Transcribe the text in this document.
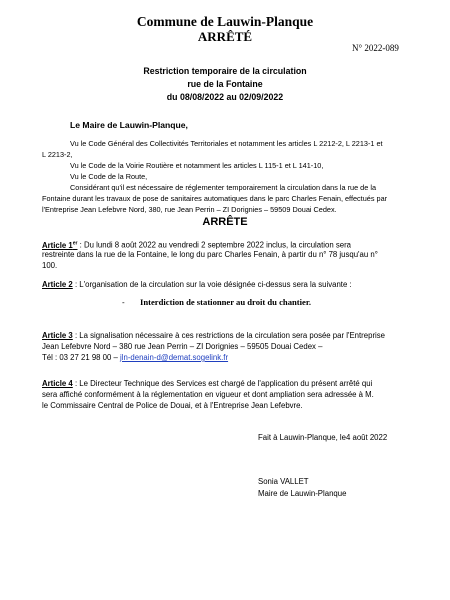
Commune de Lauwin-Planque
ARRÊTÉ
N° 2022-089
Restriction temporaire de la circulation
rue de la Fontaine
du 08/08/2022 au 02/09/2022
Le Maire de Lauwin-Planque,
Vu le Code Général des Collectivités Territoriales et notamment les articles L 2212-2, L 2213-1 et
L 2213-2,
Vu le Code de la Voirie Routière et notamment les articles L 115-1 et L 141-10,
Vu le Code de la Route,
Considérant qu'il est nécessaire de réglementer temporairement la circulation dans la rue de la
Fontaine durant les travaux de pose de sanitaires automatiques dans le parc Charles Fenain, effectués par
l'Entreprise Jean Lefebvre Nord, 380, rue Jean Perrin – ZI Dorignies – 59509 Douai Cedex.
ARRÊTE
Article 1er : Du lundi 8 août 2022 au vendredi 2 septembre 2022 inclus, la circulation sera
restreinte dans la rue de la Fontaine, le long du parc Charles Fenain, à partir du n° 78 jusqu'au n°
100.
Article 2 : L'organisation de la circulation sur la voie désignée ci-dessus sera la suivante :
- Interdiction de stationner au droit du chantier.
Article 3 : La signalisation nécessaire à ces restrictions de la circulation sera posée par l'Entreprise
Jean Lefebvre Nord – 380 rue Jean Perrin – ZI Dorignies – 59505 Douai Cedex –
Tél : 03 27 21 98 00 – jln-denain-d@demat.sogelink.fr
Article 4 : Le Directeur Technique des Services est chargé de l'application du présent arrêté qui
sera affiché conformément à la réglementation en vigueur et dont ampliation sera adressée à M.
le Commissaire Central de Police de Douai, et à l'Entreprise Jean Lefebvre.
Fait à Lauwin-Planque, le4 août 2022
Sonia VALLET
Maire de Lauwin-Planque
